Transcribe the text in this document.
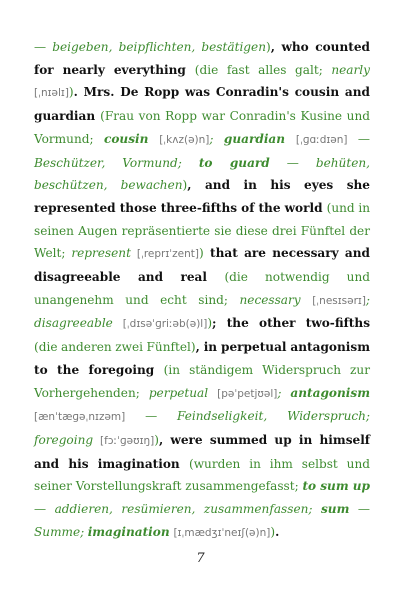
— beigeben, beipflichten, bestätigen), who counted for nearly everything (die fast alles galt; nearly [ˌnɪəlɪ]). Mrs. De Ropp was Conradin's cousin and guardian (Frau von Ropp war Conradin's Kusine und Vormund; cousin [ˌkʌz(ə)n]; guardian [ˌɡɑːdɪən] — Beschützer, Vormund; to guard — behüten, beschützen, bewachen), and in his eyes she represented those three-fifths of the world (und in seinen Augen repräsentierte sie diese drei Fünftel der Welt; represent [ˌreprɪˈzent]) that are necessary and disagreeable and real (die notwendig und unangenehm und echt sind; necessary [ˌnesɪsərɪ]; disagreeable [ˌdɪsəˈɡriːəb(ə)l]); the other two-fifths (die anderen zwei Fünftel), in perpetual antagonism to the foregoing (in ständigem Widerspruch zur Vorhergehenden; perpetual [pəˈpetjʊəl]; antagonism [ænˈtæɡəˌnɪzəm] — Feindseligkeit, Widerspruch; foregoing [fɔːˈɡəʊɪŋ]), were summed up in himself and his imagination (wurden in ihm selbst und seiner Vorstellungskraft zusammengefasst; to sum up — addieren, resümieren, zusammenfassen; sum — Summe; imagination [ɪˌmædʒɪˈneɪʃ(ə)n]).

7
